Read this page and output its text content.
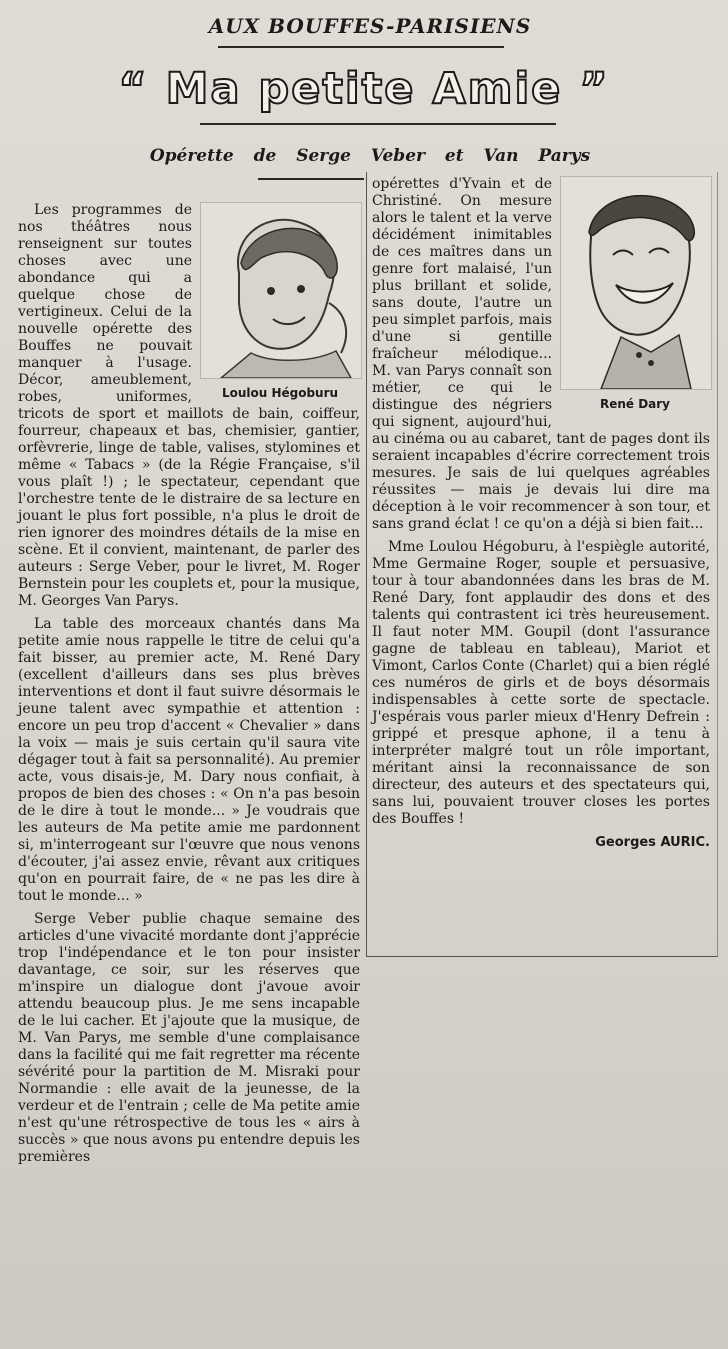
AUX BOUFFES-PARISIENS
“ Ma petite Amie ”
Opérette de Serge Veber et Van Parys
Loulou Hégoburu

Les programmes de nos théâtres nous renseignent sur toutes choses avec une abondance qui a quelque chose de vertigineux. Celui de la nouvelle opérette des Bouffes ne pouvait manquer à l'usage. Décor, ameublement, robes, uniformes, tricots de sport et maillots de bain, coiffeur, fourreur, chapeaux et bas, chemisier, gantier, orfèvrerie, linge de table, valises, stylomines et même « Tabacs » (de la Régie Française, s'il vous plaît !) ; le spectateur, cependant que l'orchestre tente de le distraire de sa lecture en jouant le plus fort possible, n'a plus le droit de rien ignorer des moindres détails de la mise en scène. Et il convient, maintenant, de parler des auteurs : Serge Veber, pour le livret, M. Roger Bernstein pour les couplets et, pour la musique, M. Georges Van Parys.

La table des morceaux chantés dans Ma petite amie nous rappelle le titre de celui qu'a fait bisser, au premier acte, M. René Dary (excellent d'ailleurs dans ses plus brèves interventions et dont il faut suivre désormais le jeune talent avec sympathie et attention : encore un peu trop d'accent « Chevalier » dans la voix — mais je suis certain qu'il saura vite dégager tout à fait sa personnalité). Au premier acte, vous disais-je, M. Dary nous confiait, à propos de bien des choses : « On n'a pas besoin de le dire à tout le monde... » Je voudrais que les auteurs de Ma petite amie me pardonnent si, m'interrogeant sur l'œuvre que nous venons d'écouter, j'ai assez envie, rêvant aux critiques qu'on en pourrait faire, de « ne pas les dire à tout le monde... »

Serge Veber publie chaque semaine des articles d'une vivacité mordante dont j'apprécie trop l'indépendance et le ton pour insister davantage, ce soir, sur les réserves que m'inspire un dialogue dont j'avoue avoir attendu beaucoup plus. Je me sens incapable de le lui cacher. Et j'ajoute que la musique, de M. Van Parys, me semble d'une complaisance dans la facilité qui me fait regretter ma récente sévérité pour la partition de M. Misraki pour Normandie : elle avait de la jeunesse, de la verdeur et de l'entrain ; celle de Ma petite amie n'est qu'une rétrospective de tous les « airs à succès » que nous avons pu entendre depuis les premières

René Dary

opérettes d'Yvain et de Christiné. On mesure alors le talent et la verve décidément inimitables de ces maîtres dans un genre fort malaisé, l'un plus brillant et solide, sans doute, l'autre un peu simplet parfois, mais d'une si gentille fraîcheur mélodique... M. van Parys connaît son métier, ce qui le distingue des négriers qui signent, aujourd'hui, au cinéma ou au cabaret, tant de pages dont ils seraient incapables d'écrire correctement trois mesures. Je sais de lui quelques agréables réussites — mais je devais lui dire ma déception à le voir recommencer à son tour, et sans grand éclat ! ce qu'on a déjà si bien fait...

Mme Loulou Hégoburu, à l'espiègle autorité, Mme Germaine Roger, souple et persuasive, tour à tour abandonnées dans les bras de M. René Dary, font applaudir des dons et des talents qui contrastent ici très heureusement. Il faut noter MM. Goupil (dont l'assurance gagne de tableau en tableau), Mariot et Vimont, Carlos Conte (Charlet) qui a bien réglé ces numéros de girls et de boys désormais indispensables à cette sorte de spectacle. J'espérais vous parler mieux d'Henry Defrein : grippé et presque aphone, il a tenu à interpréter malgré tout un rôle important, méritant ainsi la reconnaissance de son directeur, des auteurs et des spectateurs qui, sans lui, pouvaient trouver closes les portes des Bouffes !

Georges AURIC.
